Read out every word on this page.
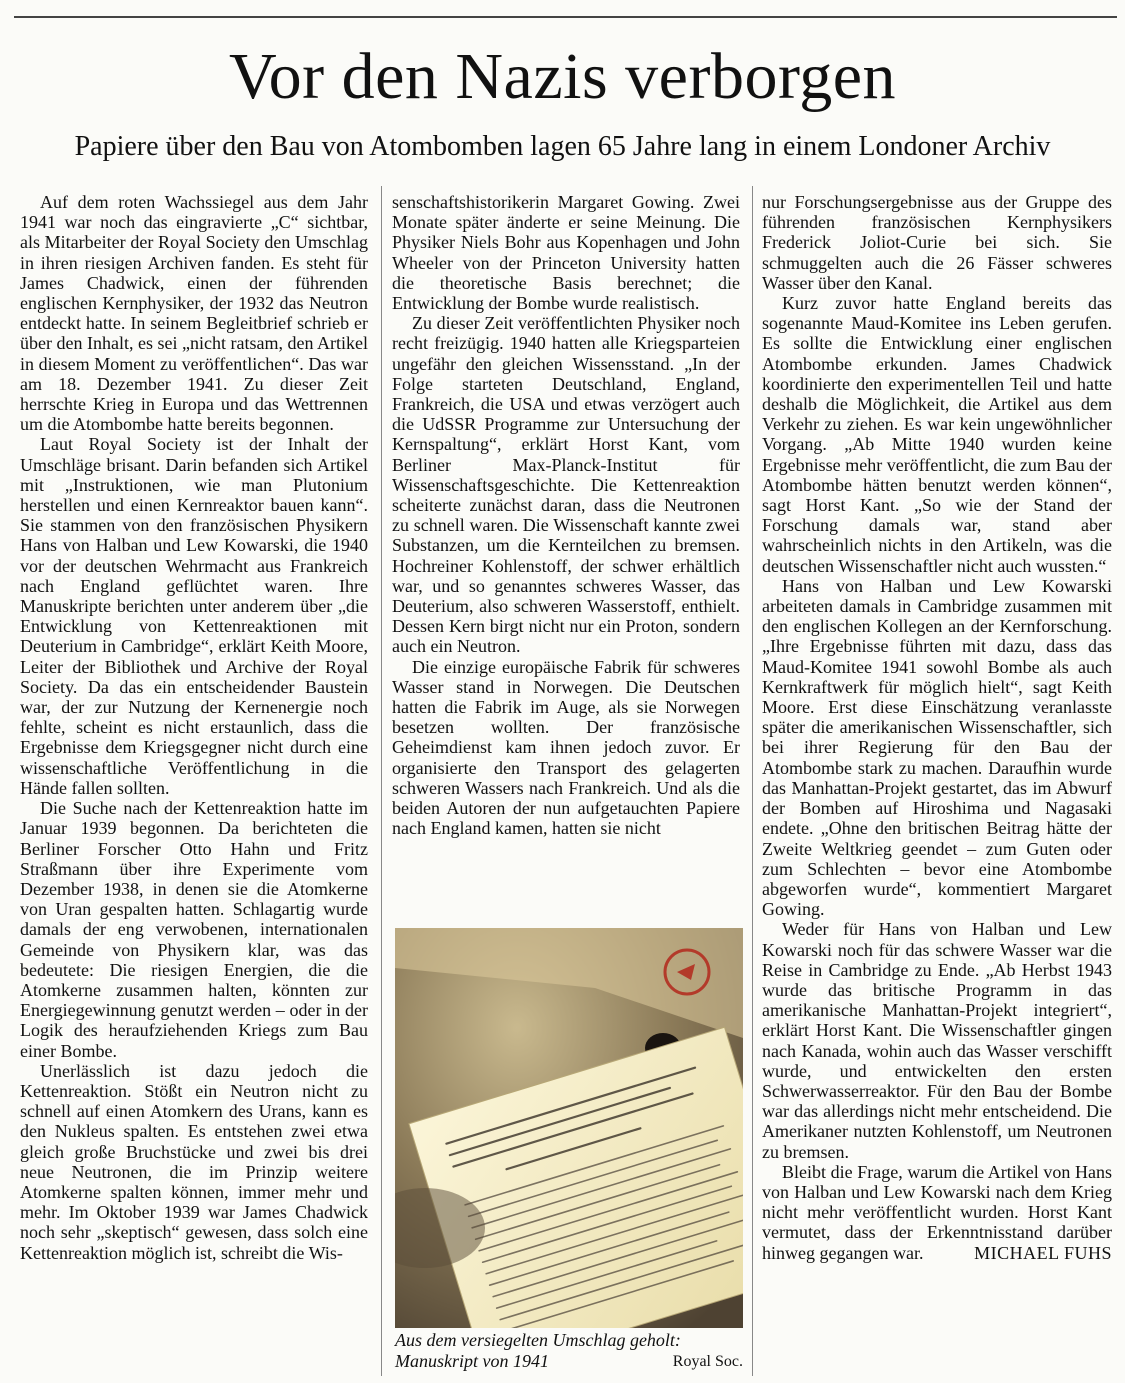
Vor den Nazis verborgen
Papiere über den Bau von Atombomben lagen 65 Jahre lang in einem Londoner Archiv

Auf dem roten Wachssiegel aus dem Jahr 1941 war noch das eingravierte „C“ sichtbar, als Mitarbeiter der Royal Society den Umschlag in ihren riesigen Archiven fanden. Es steht für James Chadwick, einen der führenden englischen Kernphysiker, der 1932 das Neutron entdeckt hatte. In seinem Begleitbrief schrieb er über den Inhalt, es sei „nicht ratsam, den Artikel in diesem Moment zu veröffentlichen“. Das war am 18. Dezember 1941. Zu dieser Zeit herrschte Krieg in Europa und das Wettrennen um die Atombombe hatte bereits begonnen.

Laut Royal Society ist der Inhalt der Umschläge brisant. Darin befanden sich Artikel mit „Instruktionen, wie man Plutonium herstellen und einen Kernreaktor bauen kann“. Sie stammen von den französischen Physikern Hans von Halban und Lew Kowarski, die 1940 vor der deutschen Wehrmacht aus Frankreich nach England geflüchtet waren. Ihre Manuskripte berichten unter anderem über „die Entwicklung von Kettenreaktionen mit Deuterium in Cambridge“, erklärt Keith Moore, Leiter der Bibliothek und Archive der Royal Society. Da das ein entscheidender Baustein war, der zur Nutzung der Kernenergie noch fehlte, scheint es nicht erstaunlich, dass die Ergebnisse dem Kriegsgegner nicht durch eine wissenschaftliche Veröffentlichung in die Hände fallen sollten.

Die Suche nach der Kettenreaktion hatte im Januar 1939 begonnen. Da berichteten die Berliner Forscher Otto Hahn und Fritz Straßmann über ihre Experimente vom Dezember 1938, in denen sie die Atomkerne von Uran gespalten hatten. Schlagartig wurde damals der eng verwobenen, internationalen Gemeinde von Physikern klar, was das bedeutete: Die riesigen Energien, die die Atomkerne zusammen halten, könnten zur Energiegewinnung genutzt werden – oder in der Logik des heraufziehenden Kriegs zum Bau einer Bombe.

Unerlässlich ist dazu jedoch die Kettenreaktion. Stößt ein Neutron nicht zu schnell auf einen Atomkern des Urans, kann es den Nukleus spalten. Es entstehen zwei etwa gleich große Bruchstücke und zwei bis drei neue Neutronen, die im Prinzip weitere Atomkerne spalten können, immer mehr und mehr. Im Oktober 1939 war James Chadwick noch sehr „skeptisch“ gewesen, dass solch eine Kettenreaktion möglich ist, schreibt die Wis-

senschaftshistorikerin Margaret Gowing. Zwei Monate später änderte er seine Meinung. Die Physiker Niels Bohr aus Kopenhagen und John Wheeler von der Princeton University hatten die theoretische Basis berechnet; die Entwicklung der Bombe wurde realistisch.

Zu dieser Zeit veröffentlichten Physiker noch recht freizügig. 1940 hatten alle Kriegsparteien ungefähr den gleichen Wissensstand. „In der Folge starteten Deutschland, England, Frankreich, die USA und etwas verzögert auch die UdSSR Programme zur Untersuchung der Kernspaltung“, erklärt Horst Kant, vom Berliner Max-Planck-Institut für Wissenschaftsgeschichte. Die Kettenreaktion scheiterte zunächst daran, dass die Neutronen zu schnell waren. Die Wissenschaft kannte zwei Substanzen, um die Kernteilchen zu bremsen. Hochreiner Kohlenstoff, der schwer erhältlich war, und so genanntes schweres Wasser, das Deuterium, also schweren Wasserstoff, enthielt. Dessen Kern birgt nicht nur ein Proton, sondern auch ein Neutron.

Die einzige europäische Fabrik für schweres Wasser stand in Norwegen. Die Deutschen hatten die Fabrik im Auge, als sie Norwegen besetzen wollten. Der französische Geheimdienst kam ihnen jedoch zuvor. Er organisierte den Transport des gelagerten schweren Wassers nach Frankreich. Und als die beiden Autoren der nun aufgetauchten Papiere nach England kamen, hatten sie nicht

nur Forschungsergebnisse aus der Gruppe des führenden französischen Kernphysikers Frederick Joliot-Curie bei sich. Sie schmuggelten auch die 26 Fässer schweres Wasser über den Kanal.

Kurz zuvor hatte England bereits das sogenannte Maud-Komitee ins Leben gerufen. Es sollte die Entwicklung einer englischen Atombombe erkunden. James Chadwick koordinierte den experimentellen Teil und hatte deshalb die Möglichkeit, die Artikel aus dem Verkehr zu ziehen. Es war kein ungewöhnlicher Vorgang. „Ab Mitte 1940 wurden keine Ergebnisse mehr veröffentlicht, die zum Bau der Atombombe hätten benutzt werden können“, sagt Horst Kant. „So wie der Stand der Forschung damals war, stand aber wahrscheinlich nichts in den Artikeln, was die deutschen Wissenschaftler nicht auch wussten.“

Hans von Halban und Lew Kowarski arbeiteten damals in Cambridge zusammen mit den englischen Kollegen an der Kernforschung. „Ihre Ergebnisse führten mit dazu, dass das Maud-Komitee 1941 sowohl Bombe als auch Kernkraftwerk für möglich hielt“, sagt Keith Moore. Erst diese Einschätzung veranlasste später die amerikanischen Wissenschaftler, sich bei ihrer Regierung für den Bau der Atombombe stark zu machen. Daraufhin wurde das Manhattan-Projekt gestartet, das im Abwurf der Bomben auf Hiroshima und Nagasaki endete. „Ohne den britischen Beitrag hätte der Zweite Weltkrieg geendet – zum Guten oder zum Schlechten – bevor eine Atombombe abgeworfen wurde“, kommentiert Margaret Gowing.

Weder für Hans von Halban und Lew Kowarski noch für das schwere Wasser war die Reise in Cambridge zu Ende. „Ab Herbst 1943 wurde das britische Programm in das amerikanische Manhattan-Projekt integriert“, erklärt Horst Kant. Die Wissenschaftler gingen nach Kanada, wohin auch das Wasser verschifft wurde, und entwickelten den ersten Schwerwasserreaktor. Für den Bau der Bombe war das allerdings nicht mehr entscheidend. Die Amerikaner nutzten Kohlenstoff, um Neutronen zu bremsen.

Bleibt die Frage, warum die Artikel von Hans von Halban und Lew Kowarski nach dem Krieg nicht mehr veröffentlicht wurden. Horst Kant vermutet, dass der Erkenntnisstand darüber hinweg gegangen war.	MICHAEL FUHS

Aus dem versiegelten Umschlag geholt:
Manuskript von 1941	Royal Soc.
